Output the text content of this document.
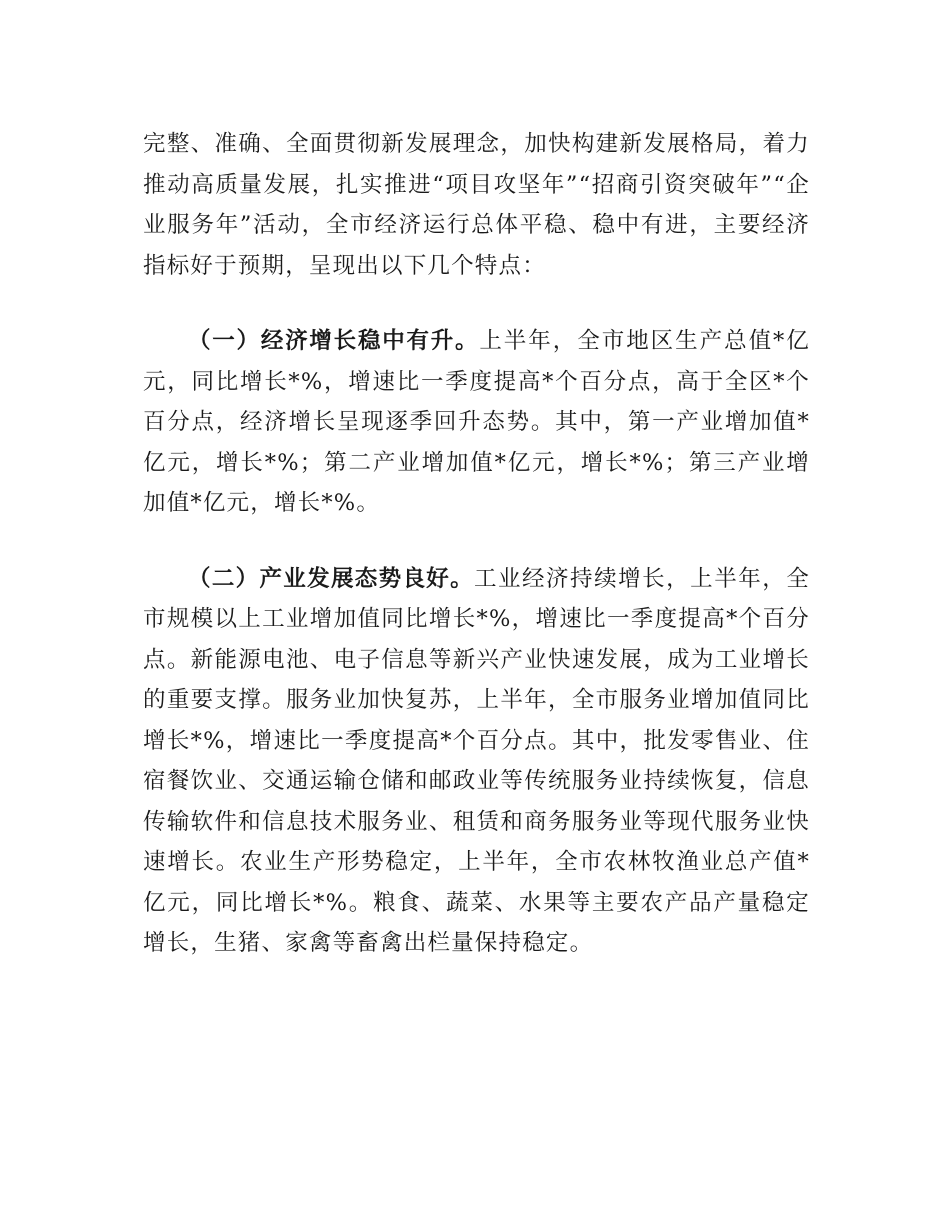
完整、准确、全面贯彻新发展理念，加快构建新发展格局，着力推动高质量发展，扎实推进“项目攻坚年”“招商引资突破年”“企业服务年”活动，全市经济运行总体平稳、稳中有进，主要经济指标好于预期，呈现出以下几个特点：

（一）经济增长稳中有升。上半年，全市地区生产总值*亿元，同比增长*%，增速比一季度提高*个百分点，高于全区*个百分点，经济增长呈现逐季回升态势。其中，第一产业增加值*亿元，增长*%；第二产业增加值*亿元，增长*%；第三产业增加值*亿元，增长*%。

（二）产业发展态势良好。工业经济持续增长，上半年，全市规模以上工业增加值同比增长*%，增速比一季度提高*个百分点。新能源电池、电子信息等新兴产业快速发展，成为工业增长的重要支撑。服务业加快复苏，上半年，全市服务业增加值同比增长*%，增速比一季度提高*个百分点。其中，批发零售业、住宿餐饮业、交通运输仓储和邮政业等传统服务业持续恢复，信息传输软件和信息技术服务业、租赁和商务服务业等现代服务业快速增长。农业生产形势稳定，上半年，全市农林牧渔业总产值*亿元，同比增长*%。粮食、蔬菜、水果等主要农产品产量稳定增长，生猪、家禽等畜禽出栏量保持稳定。
